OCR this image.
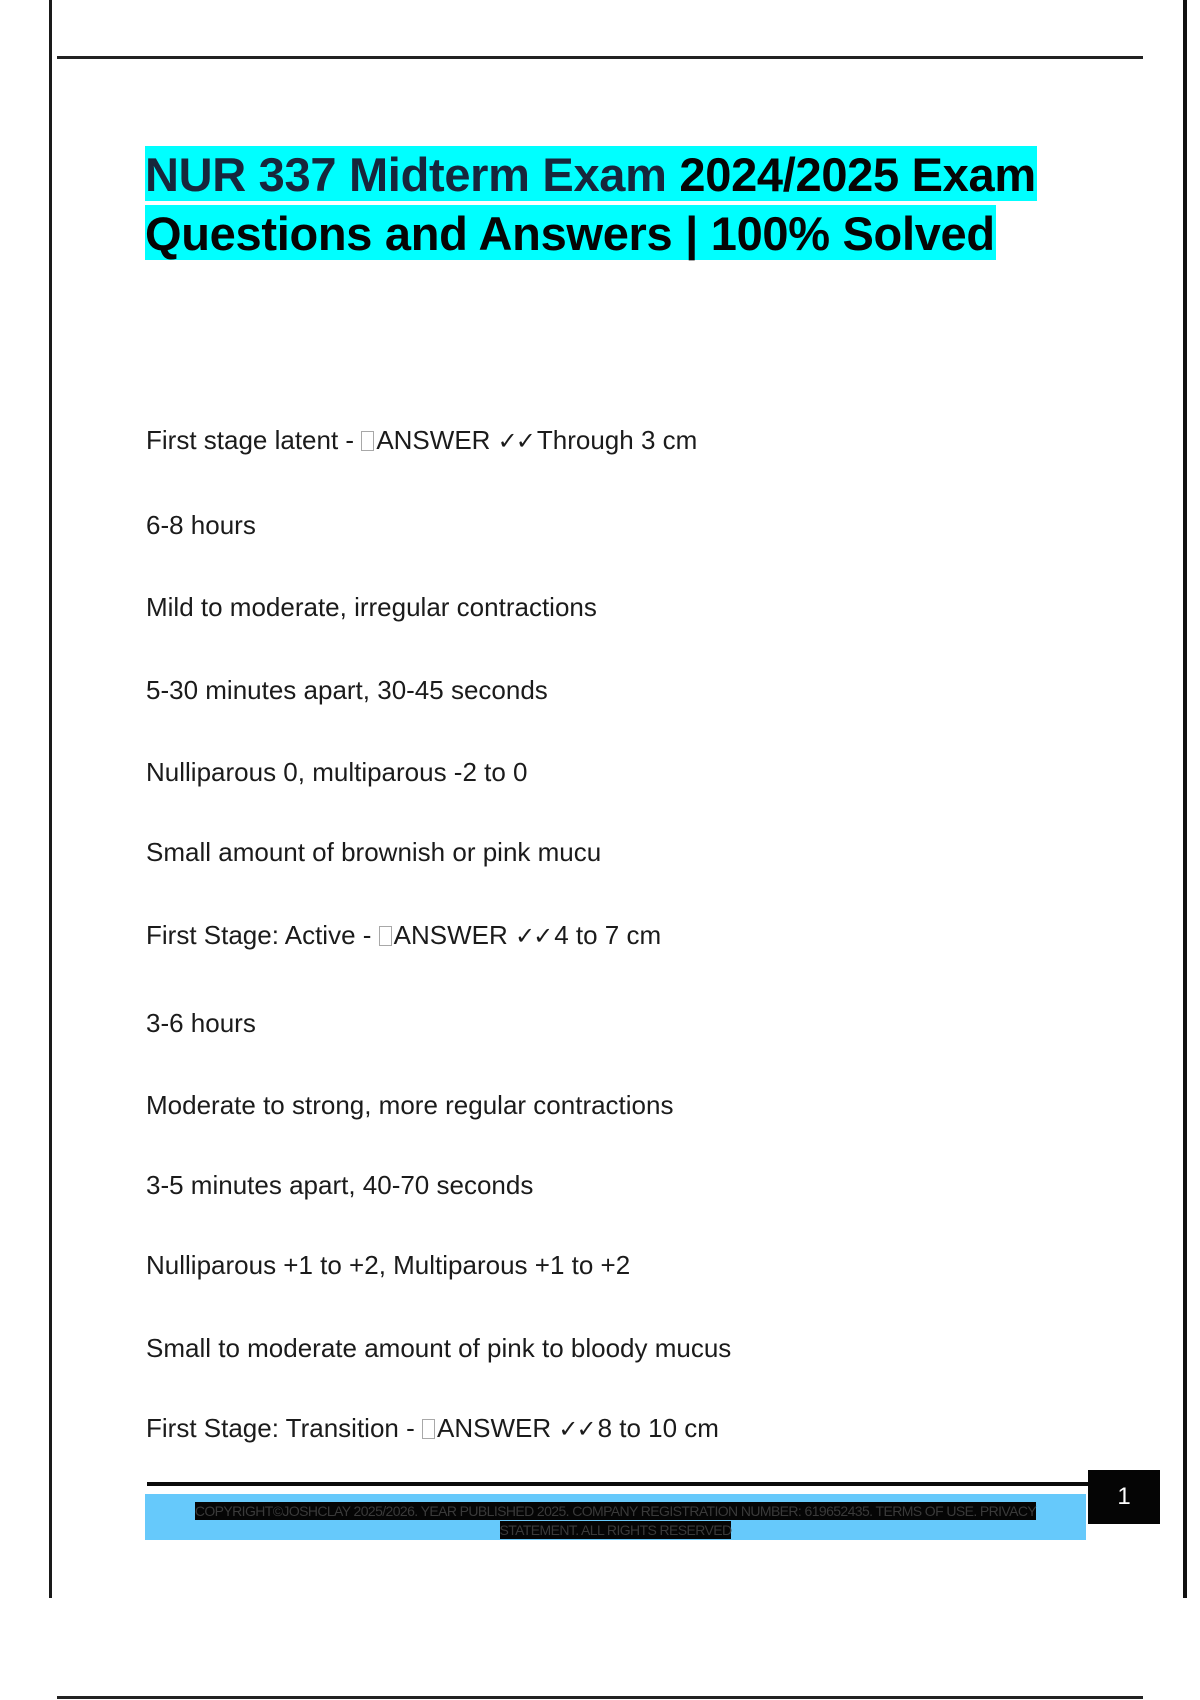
NUR 337 Midterm Exam 2024/2025 Exam
Questions and Answers | 100% Solved
First stage latent - ANSWER ✓✓ Through 3 cm
6-8 hours
Mild to moderate, irregular contractions
5-30 minutes apart, 30-45 seconds
Nulliparous 0, multiparous -2 to 0
Small amount of brownish or pink mucu
First Stage: Active - ANSWER ✓✓ 4 to 7 cm
3-6 hours
Moderate to strong, more regular contractions
3-5 minutes apart, 40-70 seconds
Nulliparous +1 to +2, Multiparous +1 to +2
Small to moderate amount of pink to bloody mucus
First Stage: Transition - ANSWER ✓✓ 8 to 10 cm
COPYRIGHT©JOSHCLAY 2025/2026. YEAR PUBLISHED 2025. COMPANY REGISTRATION NUMBER: 619652435. TERMS OF USE. PRIVACY
STATEMENT. ALL RIGHTS RESERVED
1
